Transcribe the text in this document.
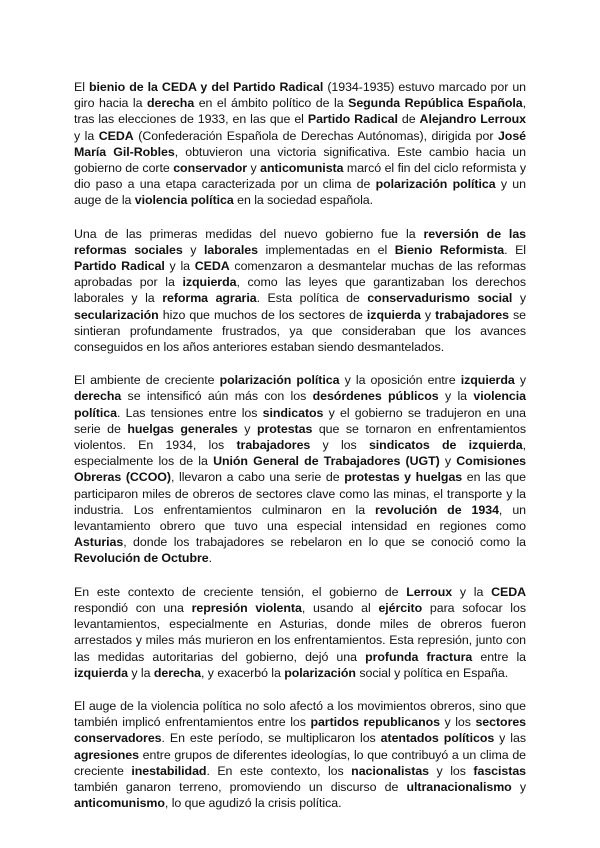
El bienio de la CEDA y del Partido Radical (1934-1935) estuvo marcado por un giro hacia la derecha en el ámbito político de la Segunda República Española, tras las elecciones de 1933, en las que el Partido Radical de Alejandro Lerroux y la CEDA (Confederación Española de Derechas Autónomas), dirigida por José María Gil-Robles, obtuvieron una victoria significativa. Este cambio hacia un gobierno de corte conservador y anticomunista marcó el fin del ciclo reformista y dio paso a una etapa caracterizada por un clima de polarización política y un auge de la violencia política en la sociedad española.

Una de las primeras medidas del nuevo gobierno fue la reversión de las reformas sociales y laborales implementadas en el Bienio Reformista. El Partido Radical y la CEDA comenzaron a desmantelar muchas de las reformas aprobadas por la izquierda, como las leyes que garantizaban los derechos laborales y la reforma agraria. Esta política de conservadurismo social y secularización hizo que muchos de los sectores de izquierda y trabajadores se sintieran profundamente frustrados, ya que consideraban que los avances conseguidos en los años anteriores estaban siendo desmantelados.

El ambiente de creciente polarización política y la oposición entre izquierda y derecha se intensificó aún más con los desórdenes públicos y la violencia política. Las tensiones entre los sindicatos y el gobierno se tradujeron en una serie de huelgas generales y protestas que se tornaron en enfrentamientos violentos. En 1934, los trabajadores y los sindicatos de izquierda, especialmente los de la Unión General de Trabajadores (UGT) y Comisiones Obreras (CCOO), llevaron a cabo una serie de protestas y huelgas en las que participaron miles de obreros de sectores clave como las minas, el transporte y la industria. Los enfrentamientos culminaron en la revolución de 1934, un levantamiento obrero que tuvo una especial intensidad en regiones como Asturias, donde los trabajadores se rebelaron en lo que se conoció como la Revolución de Octubre.

En este contexto de creciente tensión, el gobierno de Lerroux y la CEDA respondió con una represión violenta, usando al ejército para sofocar los levantamientos, especialmente en Asturias, donde miles de obreros fueron arrestados y miles más murieron en los enfrentamientos. Esta represión, junto con las medidas autoritarias del gobierno, dejó una profunda fractura entre la izquierda y la derecha, y exacerbó la polarización social y política en España.

El auge de la violencia política no solo afectó a los movimientos obreros, sino que también implicó enfrentamientos entre los partidos republicanos y los sectores conservadores. En este período, se multiplicaron los atentados políticos y las agresiones entre grupos de diferentes ideologías, lo que contribuyó a un clima de creciente inestabilidad. En este contexto, los nacionalistas y los fascistas también ganaron terreno, promoviendo un discurso de ultranacionalismo y anticomunismo, lo que agudizó la crisis política.
